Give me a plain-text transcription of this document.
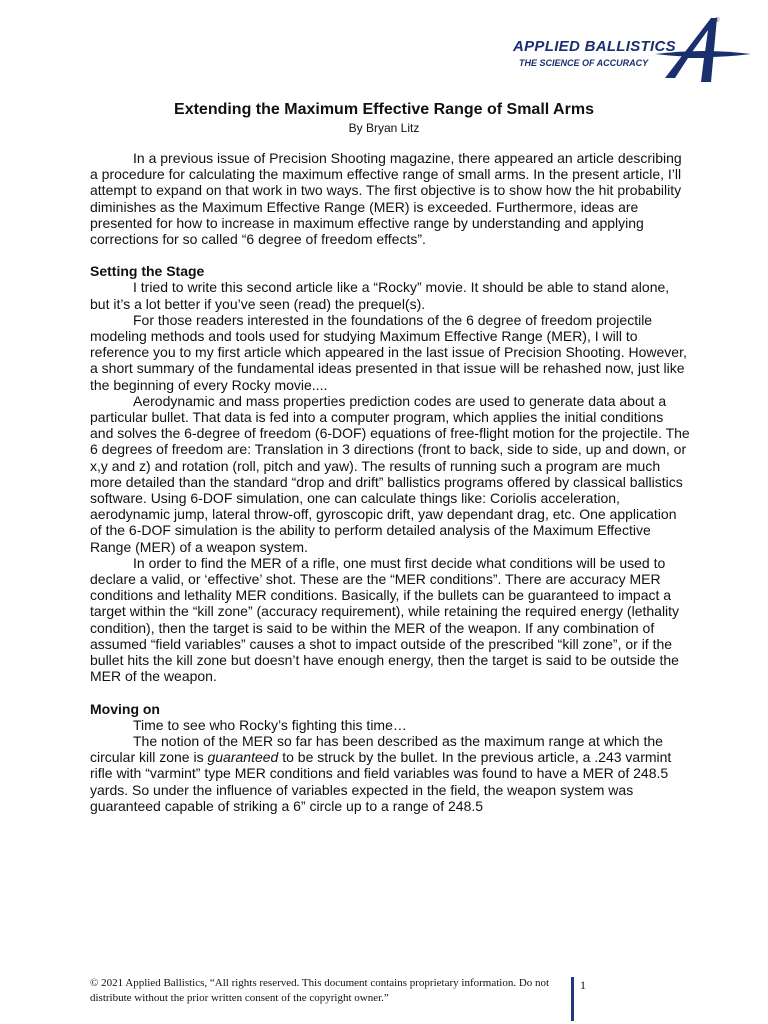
®
APPLIED BALLISTICS
THE SCIENCE OF ACCURACY
Extending the Maximum Effective Range of Small Arms
By Bryan Litz

In a previous issue of Precision Shooting magazine, there appeared an article describing a procedure for calculating the maximum effective range of small arms. In the present article, I’ll attempt to expand on that work in two ways. The first objective is to show how the hit probability diminishes as the Maximum Effective Range (MER) is exceeded. Furthermore, ideas are presented for how to increase in maximum effective range by understanding and applying corrections for so called “6 degree of freedom effects”.

Setting the Stage

I tried to write this second article like a “Rocky” movie. It should be able to stand alone, but it’s a lot better if you’ve seen (read) the prequel(s).

For those readers interested in the foundations of the 6 degree of freedom projectile modeling methods and tools used for studying Maximum Effective Range (MER), I will to reference you to my first article which appeared in the last issue of Precision Shooting. However, a short summary of the fundamental ideas presented in that issue will be rehashed now, just like the beginning of every Rocky movie....

Aerodynamic and mass properties prediction codes are used to generate data about a particular bullet. That data is fed into a computer program, which applies the initial conditions and solves the 6-degree of freedom (6-DOF) equations of free-flight motion for the projectile. The 6 degrees of freedom are: Translation in 3 directions (front to back, side to side, up and down, or x,y and z) and rotation (roll, pitch and yaw). The results of running such a program are much more detailed than the standard “drop and drift” ballistics programs offered by classical ballistics software. Using 6-DOF simulation, one can calculate things like: Coriolis acceleration, aerodynamic jump, lateral throw-off, gyroscopic drift, yaw dependant drag, etc. One application of the 6-DOF simulation is the ability to perform detailed analysis of the Maximum Effective Range (MER) of a weapon system.

In order to find the MER of a rifle, one must first decide what conditions will be used to declare a valid, or ‘effective’ shot. These are the “MER conditions”. There are accuracy MER conditions and lethality MER conditions. Basically, if the bullets can be guaranteed to impact a target within the “kill zone” (accuracy requirement), while retaining the required energy (lethality condition), then the target is said to be within the MER of the weapon. If any combination of assumed “field variables” causes a shot to impact outside of the prescribed “kill zone”, or if the bullet hits the kill zone but doesn’t have enough energy, then the target is said to be outside the MER of the weapon.

Moving on

Time to see who Rocky’s fighting this time…

The notion of the MER so far has been described as the maximum range at which the circular kill zone is guaranteed to be struck by the bullet. In the previous article, a .243 varmint rifle with “varmint” type MER conditions and field variables was found to have a MER of 248.5 yards. So under the influence of variables expected in the field, the weapon system was guaranteed capable of striking a 6” circle up to a range of 248.5

© 2021 Applied Ballistics, “All rights reserved. This document contains proprietary information. Do not distribute without the prior written consent of the copyright owner.”
1
